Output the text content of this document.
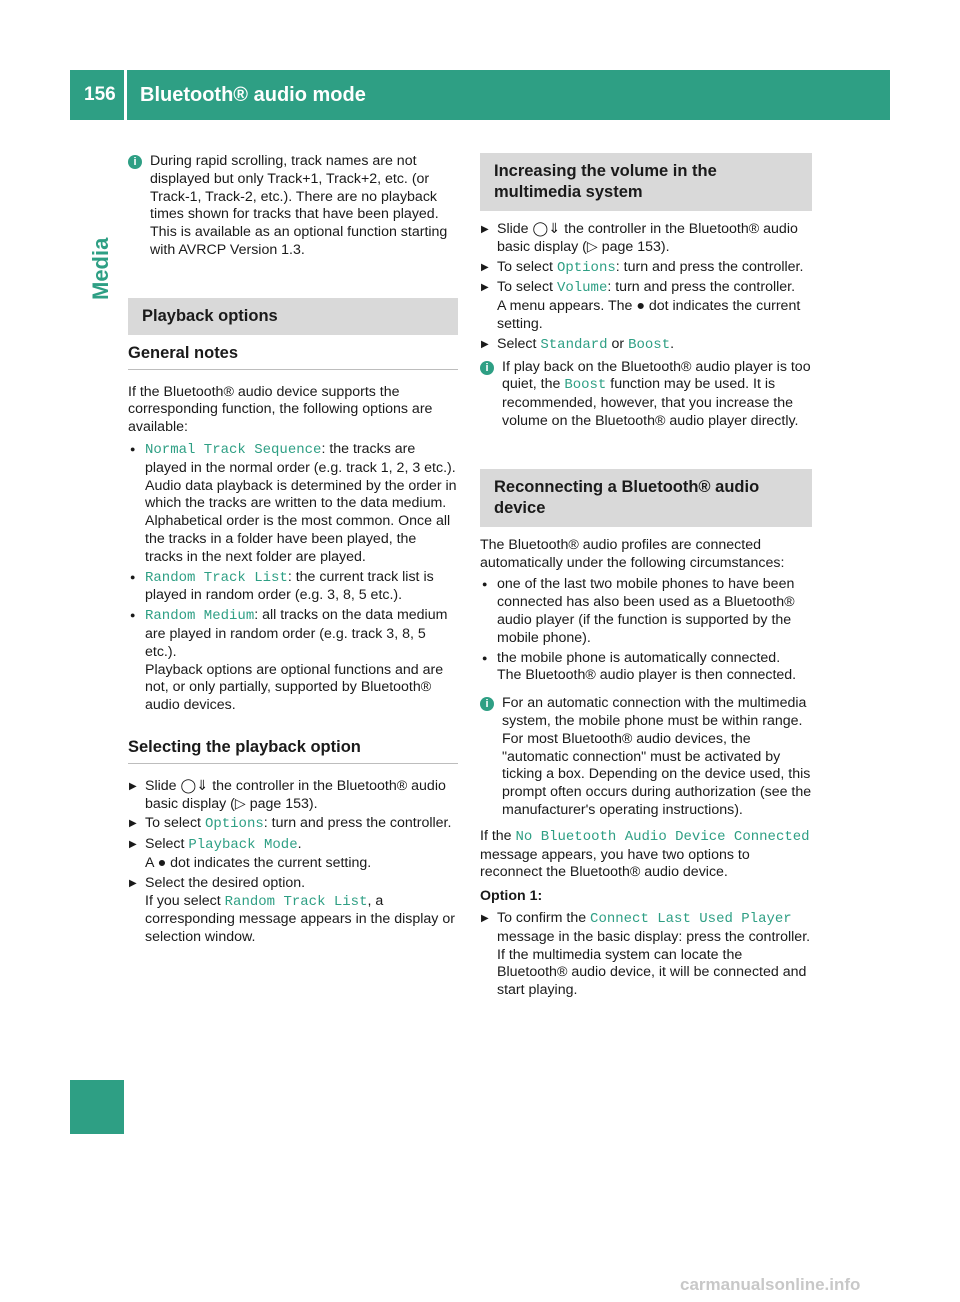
156 Bluetooth® audio mode
Media
i During rapid scrolling, track names are not displayed but only Track+1, Track+2, etc. (or Track-1, Track-2, etc.). There are no playback times shown for tracks that have been played. This is available as an optional function starting with AVRCP Version 1.3.

Playback options
General notes

If the Bluetooth® audio device supports the corresponding function, the following options are available:

● Normal Track Sequence: the tracks are played in the normal order (e.g. track 1, 2, 3 etc.).

Audio data playback is determined by the order in which the tracks are written to the data medium. Alphabetical order is the most common. Once all the tracks in a folder have been played, the tracks in the next folder are played.

● Random Track List: the current track list is played in random order (e.g. 3, 8, 5 etc.).
● Random Medium: all tracks on the data medium are played in random order (e.g. track 3, 8, 5 etc.).

Playback options are optional functions and are not, or only partially, supported by Bluetooth® audio devices.

Selecting the playback option
▶ Slide ◯⇓ the controller in the Bluetooth® audio basic display (▷ page 153).
▶ To select Options: turn and press the controller.
▶ Select Playback Mode.

A ● dot indicates the current setting.

▶ Select the desired option.

If you select Random Track List, a corresponding message appears in the display or selection window.

Increasing the volume in the multimedia system
▶ Slide ◯⇓ the controller in the Bluetooth® audio basic display (▷ page 153).
▶ To select Options: turn and press the controller.
▶ To select Volume: turn and press the controller.

A menu appears. The ● dot indicates the current setting.

▶ Select Standard or Boost.
i If play back on the Bluetooth® audio player is too quiet, the Boost function may be used. It is recommended, however, that you increase the volume on the Bluetooth® audio player directly.

Reconnecting a Bluetooth® audio device

The Bluetooth® audio profiles are connected automatically under the following circumstances:

● one of the last two mobile phones to have been connected has also been used as a Bluetooth® audio player (if the function is supported by the mobile phone).
● the mobile phone is automatically connected.

The Bluetooth® audio player is then connected.

i For an automatic connection with the multimedia system, the mobile phone must be within range.

For most Bluetooth® audio devices, the "automatic connection" must be activated by ticking a box. Depending on the device used, this prompt often occurs during authorization (see the manufacturer's operating instructions).

If the No Bluetooth Audio Device Connected message appears, you have two options to reconnect the Bluetooth® audio device.

Option 1:

▶ To confirm the Connect Last Used Player message in the basic display: press the controller.

If the multimedia system can locate the Bluetooth® audio device, it will be connected and start playing.

carmanualsonline.info
